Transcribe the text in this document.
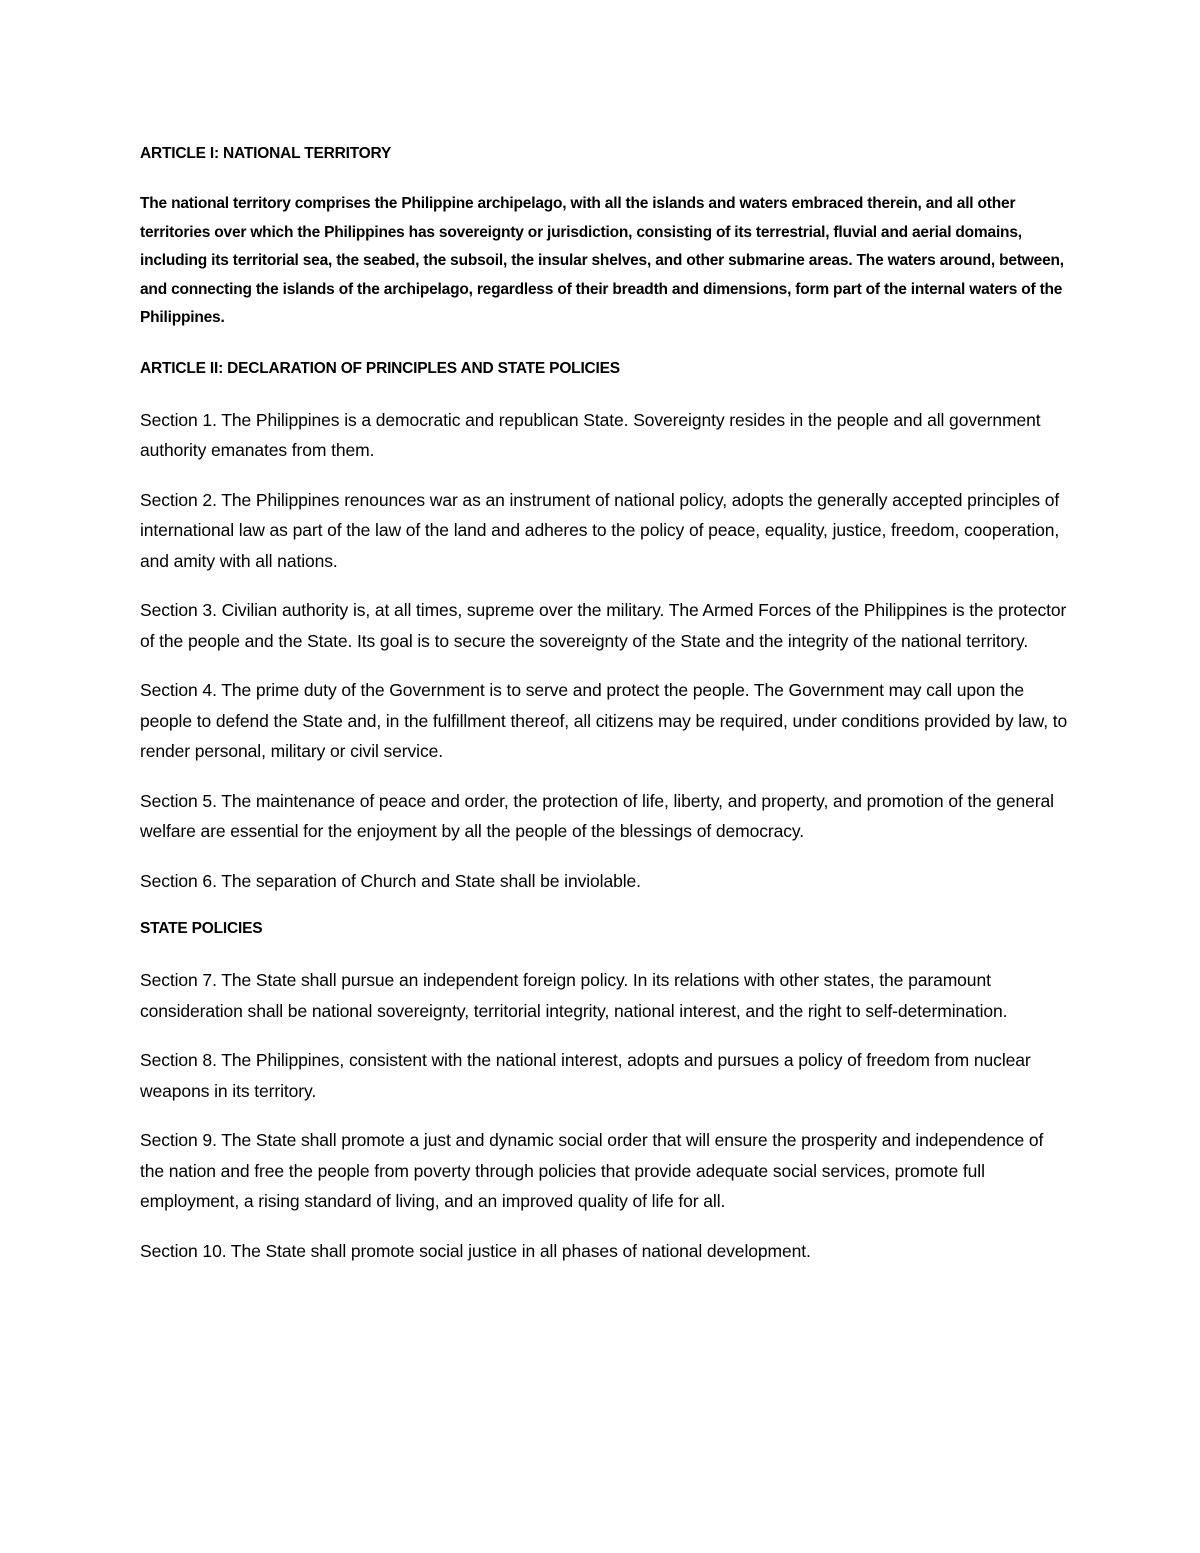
ARTICLE I: NATIONAL TERRITORY

The national territory comprises the Philippine archipelago, with all the islands and waters embraced therein, and all other territories over which the Philippines has sovereignty or jurisdiction, consisting of its terrestrial, fluvial and aerial domains, including its territorial sea, the seabed, the subsoil, the insular shelves, and other submarine areas. The waters around, between, and connecting the islands of the archipelago, regardless of their breadth and dimensions, form part of the internal waters of the Philippines.

ARTICLE II: DECLARATION OF PRINCIPLES AND STATE POLICIES

Section 1. The Philippines is a democratic and republican State. Sovereignty resides in the people and all government authority emanates from them.

Section 2. The Philippines renounces war as an instrument of national policy, adopts the generally accepted principles of international law as part of the law of the land and adheres to the policy of peace, equality, justice, freedom, cooperation, and amity with all nations.

Section 3. Civilian authority is, at all times, supreme over the military. The Armed Forces of the Philippines is the protector of the people and the State. Its goal is to secure the sovereignty of the State and the integrity of the national territory.

Section 4. The prime duty of the Government is to serve and protect the people. The Government may call upon the people to defend the State and, in the fulfillment thereof, all citizens may be required, under conditions provided by law, to render personal, military or civil service.

Section 5. The maintenance of peace and order, the protection of life, liberty, and property, and promotion of the general welfare are essential for the enjoyment by all the people of the blessings of democracy.

Section 6. The separation of Church and State shall be inviolable.

STATE POLICIES

Section 7. The State shall pursue an independent foreign policy. In its relations with other states, the paramount consideration shall be national sovereignty, territorial integrity, national interest, and the right to self-determination.

Section 8. The Philippines, consistent with the national interest, adopts and pursues a policy of freedom from nuclear weapons in its territory.

Section 9. The State shall promote a just and dynamic social order that will ensure the prosperity and independence of the nation and free the people from poverty through policies that provide adequate social services, promote full employment, a rising standard of living, and an improved quality of life for all.

Section 10. The State shall promote social justice in all phases of national development.
